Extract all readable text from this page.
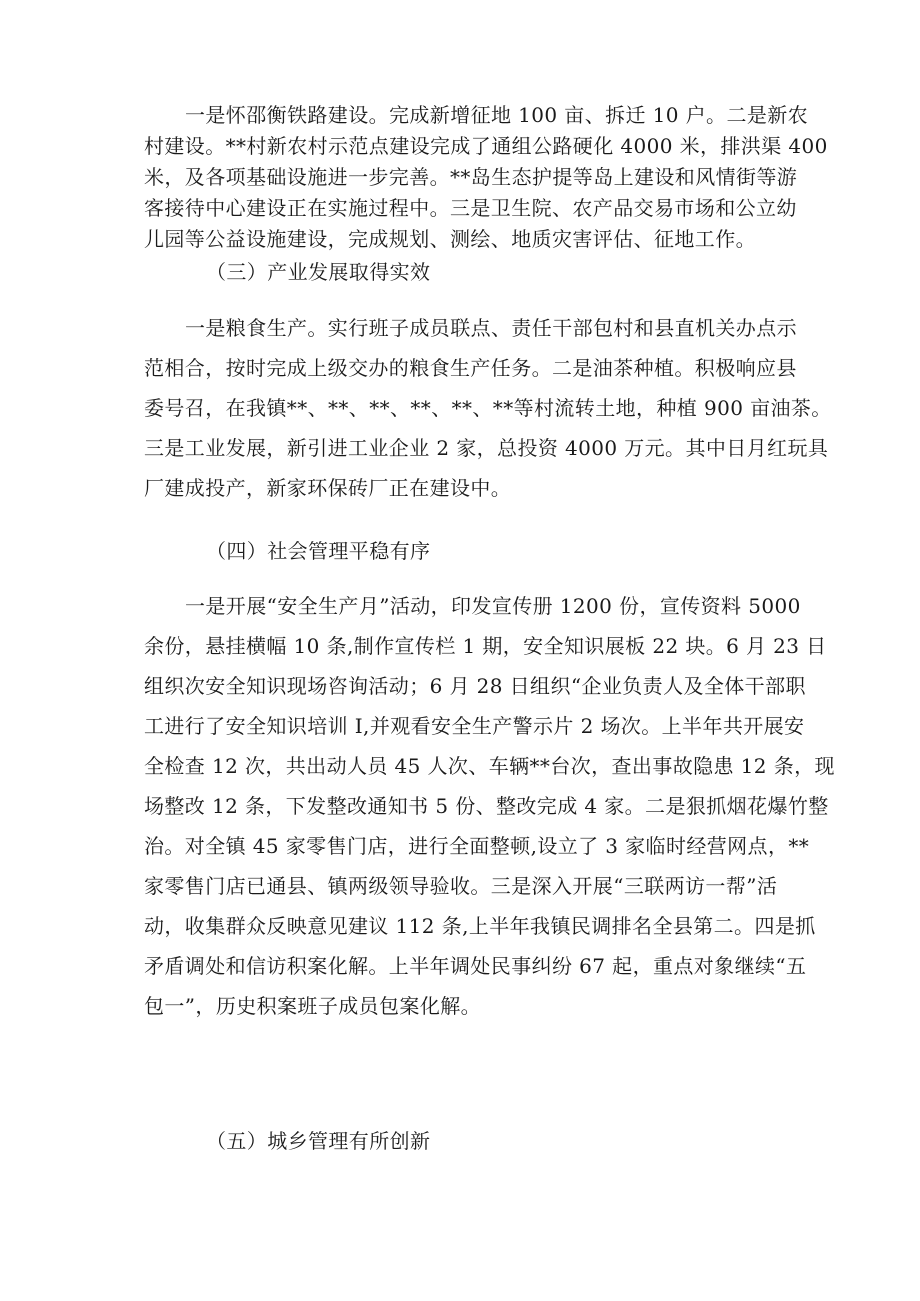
一是怀邵衡铁路建设。完成新增征地 100 亩、拆迁 10 户。二是新农
村建设。**村新农村示范点建设完成了通组公路硬化 4000 米，排洪渠 400
米，及各项基础设施进一步完善。**岛生态护提等岛上建设和风情街等游
客接待中心建设正在实施过程中。三是卫生院、农产品交易市场和公立幼
儿园等公益设施建设，完成规划、测绘、地质灾害评估、征地工作。
（三）产业发展取得实效
一是粮食生产。实行班子成员联点、责任干部包村和县直机关办点示
范相合，按时完成上级交办的粮食生产任务。二是油茶种植。积极响应县
委号召，在我镇**、**、**、**、**、**等村流转土地，种植 900 亩油茶。
三是工业发展，新引进工业企业 2 家，总投资 4000 万元。其中日月红玩具
厂建成投产，新家环保砖厂正在建设中。
（四）社会管理平稳有序
一是开展“安全生产月”活动，印发宣传册 1200 份，宣传资料 5000
余份，悬挂横幅 10 条,制作宣传栏 1 期，安全知识展板 22 块。6 月 23 日
组织次安全知识现场咨询活动；6 月 28 日组织“企业负责人及全体干部职
工进行了安全知识培训 I,并观看安全生产警示片 2 场次。上半年共开展安
全检查 12 次，共出动人员 45 人次、车辆**台次，查出事故隐患 12 条，现
场整改 12 条，下发整改通知书 5 份、整改完成 4 家。二是狠抓烟花爆竹整
治。对全镇 45 家零售门店，进行全面整顿,设立了 3 家临时经营网点，**
家零售门店已通县、镇两级领导验收。三是深入开展“三联两访一帮”活
动，收集群众反映意见建议 112 条,上半年我镇民调排名全县第二。四是抓
矛盾调处和信访积案化解。上半年调处民事纠纷 67 起，重点对象继续“五
包一”，历史积案班子成员包案化解。
（五）城乡管理有所创新
